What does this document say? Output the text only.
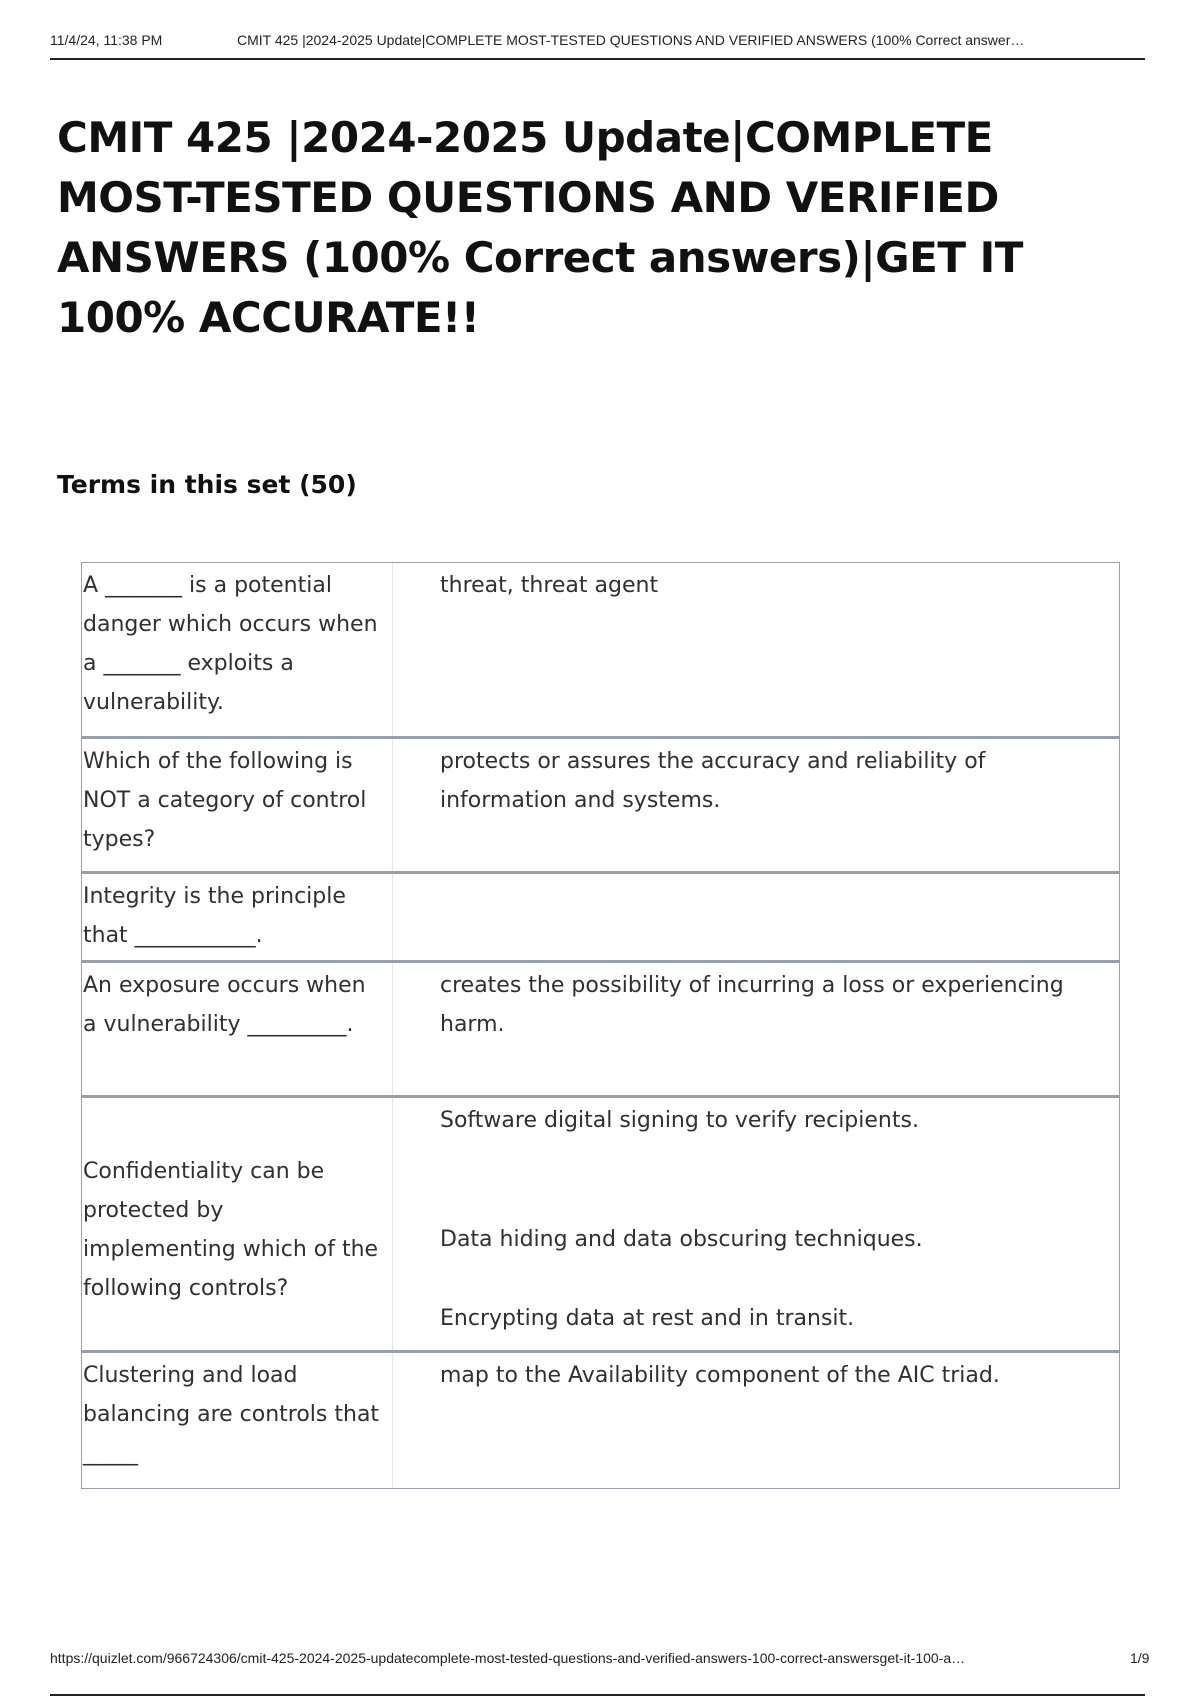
11/4/24, 11:38 PM	CMIT 425 |2024-2025 Update|COMPLETE MOST-TESTED QUESTIONS AND VERIFIED ANSWERS (100% Correct answer…
CMIT 425 |2024-2025 Update|COMPLETE MOST-TESTED QUESTIONS AND VERIFIED ANSWERS (100% Correct answers)|GET IT 100% ACCURATE!!
Terms in this set (50)
A _______ is a potential danger which occurs when a _______ exploits a vulnerability.
threat, threat agent
Which of the following is NOT a category of control types?
protects or assures the accuracy and reliability of information and systems.
Integrity is the principle that ___________.
An exposure occurs when a vulnerability _________.
creates the possibility of incurring a loss or experiencing harm.
Confidentiality can be protected by implementing which of the following controls?
Software digital signing to verify recipients.
Data hiding and data obscuring techniques.
Encrypting data at rest and in transit.
Clustering and load balancing are controls that _____
map to the Availability component of the AIC triad.
https://quizlet.com/966724306/cmit-425-2024-2025-updatecomplete-most-tested-questions-and-verified-answers-100-correct-answersget-it-100-a…	1/9
